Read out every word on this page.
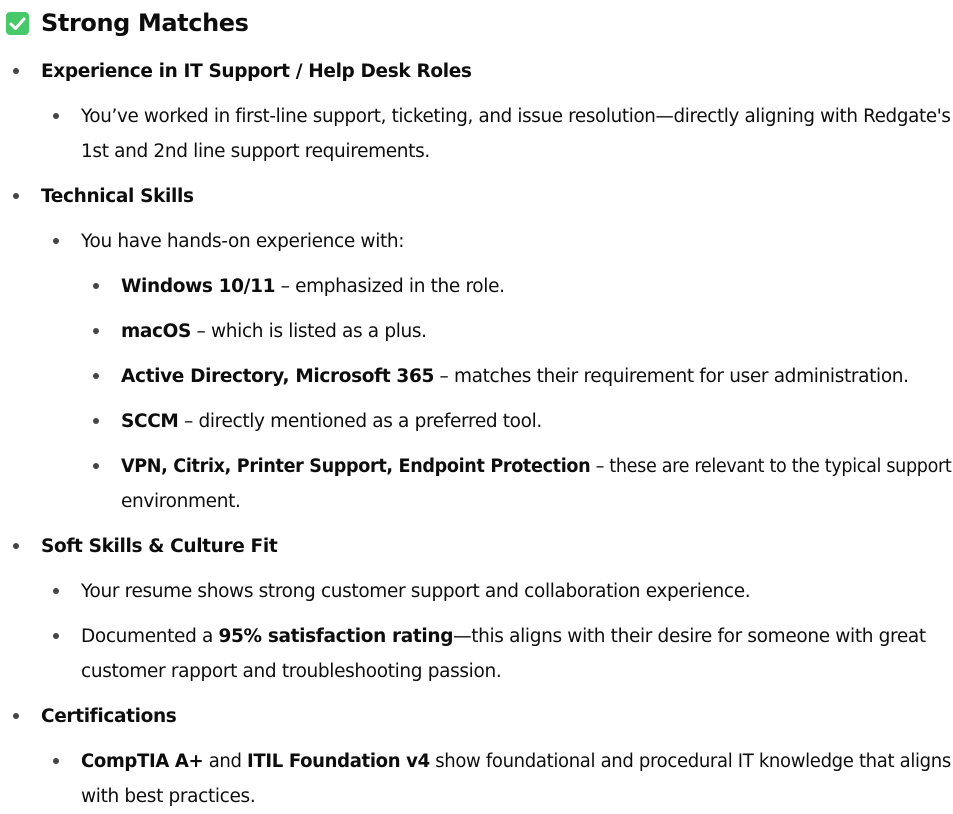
Strong Matches
Experience in IT Support / Help Desk Roles
You’ve worked in first-line support, ticketing, and issue resolution—directly aligning with Redgate's
1st and 2nd line support requirements.
Technical Skills
You have hands-on experience with:
Windows 10/11 – emphasized in the role.
macOS – which is listed as a plus.
Active Directory, Microsoft 365 – matches their requirement for user administration.
SCCM – directly mentioned as a preferred tool.
VPN, Citrix, Printer Support, Endpoint Protection – these are relevant to the typical support
environment.
Soft Skills & Culture Fit
Your resume shows strong customer support and collaboration experience.
Documented a 95% satisfaction rating—this aligns with their desire for someone with great
customer rapport and troubleshooting passion.
Certifications
CompTIA A+ and ITIL Foundation v4 show foundational and procedural IT knowledge that aligns
with best practices.
